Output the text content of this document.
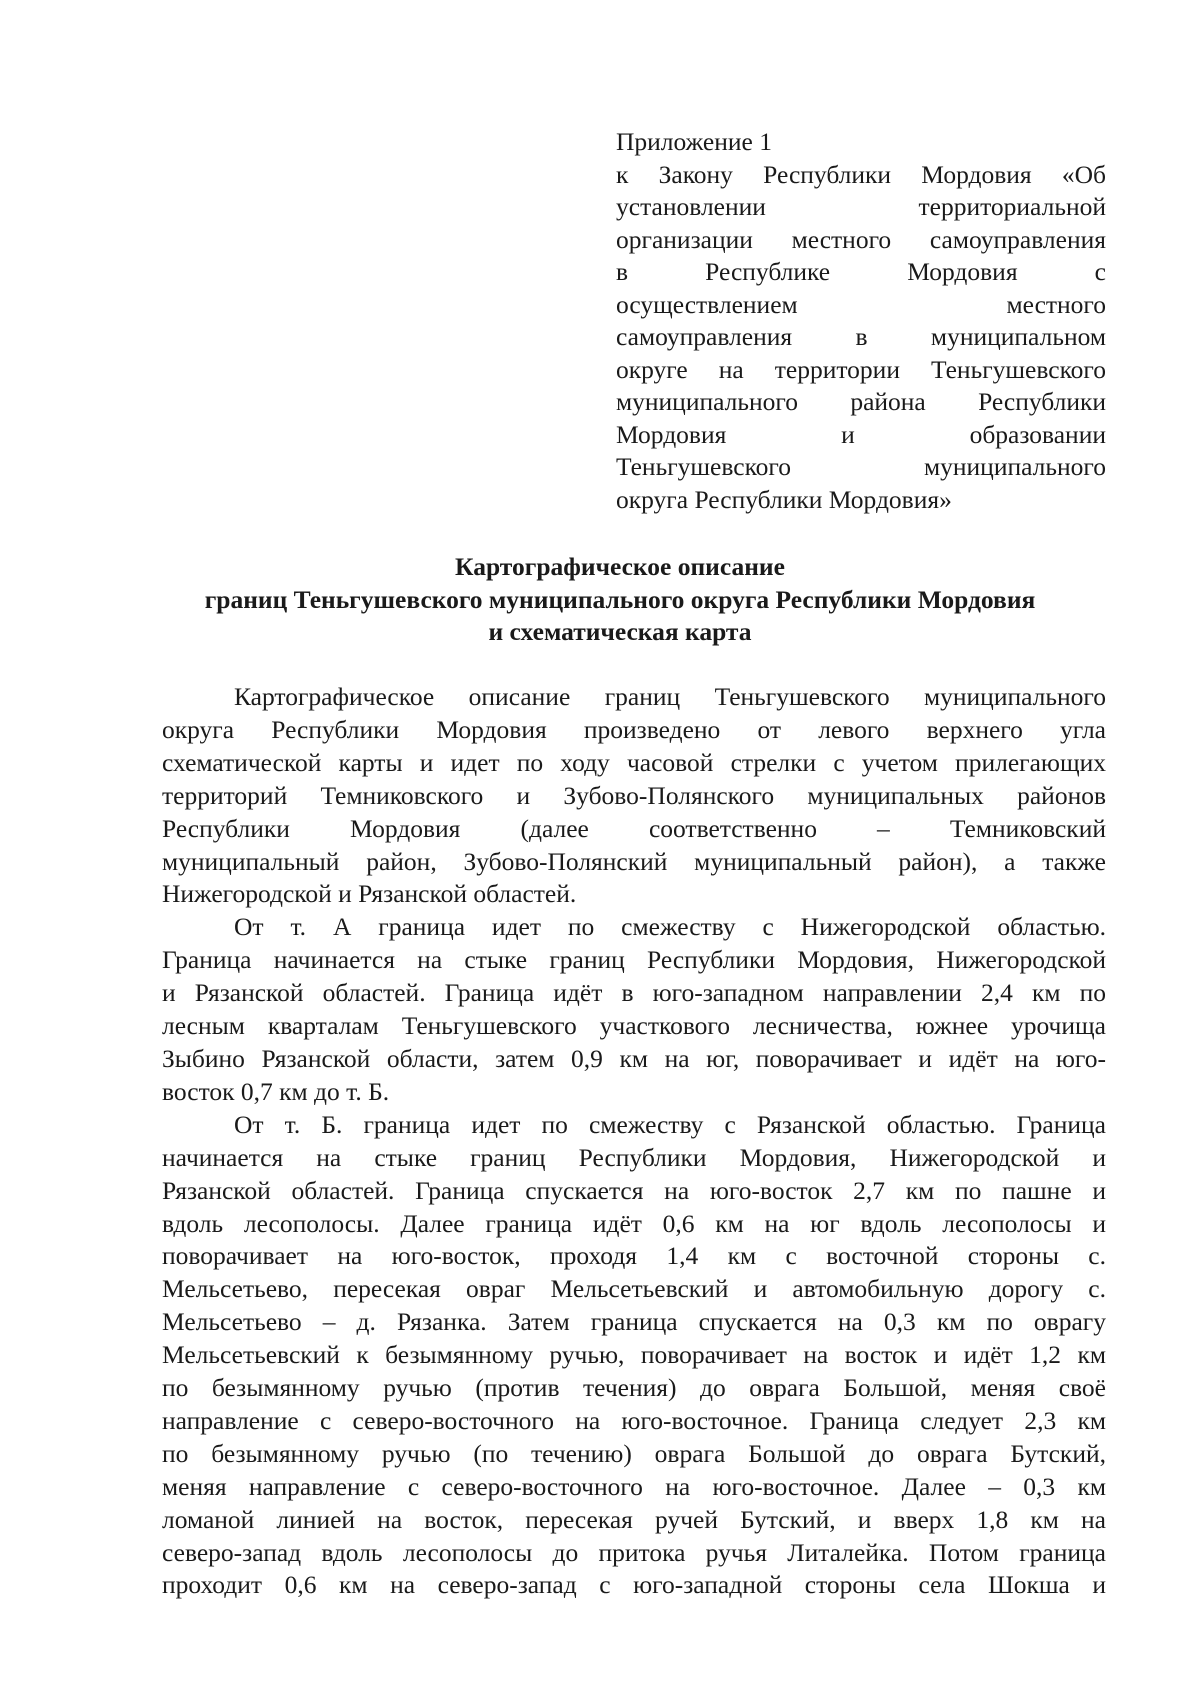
Приложение 1
к Закону Республики Мордовия «Об
установлении территориальной
организации местного самоуправления
в Республике Мордовия с
осуществлением местного
самоуправления в муниципальном
округе на территории Теньгушевского
муниципального района Республики
Мордовия и образовании
Теньгушевского муниципального
округа Республики Мордовия»
Картографическое описание
границ Теньгушевского муниципального округа Республики Мордовия
и схематическая карта
Картографическое описание границ Теньгушевского муниципального
округа Республики Мордовия произведено от левого верхнего угла
схематической карты и идет по ходу часовой стрелки с учетом прилегающих
территорий Темниковского и Зубово-Полянского муниципальных районов
Республики Мордовия (далее соответственно – Темниковский
муниципальный район, Зубово-Полянский муниципальный район), а также
Нижегородской и Рязанской областей.
От т. А граница идет по смежеству с Нижегородской областью.
Граница начинается на стыке границ Республики Мордовия, Нижегородской
и Рязанской областей. Граница идёт в юго-западном направлении 2,4 км по
лесным кварталам Теньгушевского участкового лесничества, южнее урочища
Зыбино Рязанской области, затем 0,9 км на юг, поворачивает и идёт на юго-
восток 0,7 км до т. Б.
От т. Б. граница идет по смежеству с Рязанской областью. Граница
начинается на стыке границ Республики Мордовия, Нижегородской и
Рязанской областей. Граница спускается на юго-восток 2,7 км по пашне и
вдоль лесополосы. Далее граница идёт 0,6 км на юг вдоль лесополосы и
поворачивает на юго-восток, проходя 1,4 км с восточной стороны с.
Мельсетьево, пересекая овраг Мельсетьевский и автомобильную дорогу с.
Мельсетьево – д. Рязанка. Затем граница спускается на 0,3 км по оврагу
Мельсетьевский к безымянному ручью, поворачивает на восток и идёт 1,2 км
по безымянному ручью (против течения) до оврага Большой, меняя своё
направление с северо-восточного на юго-восточное. Граница следует 2,3 км
по безымянному ручью (по течению) оврага Большой до оврага Бутский,
меняя направление с северо-восточного на юго-восточное. Далее – 0,3 км
ломаной линией на восток, пересекая ручей Бутский, и вверх 1,8 км на
северо-запад вдоль лесополосы до притока ручья Литалейка. Потом граница
проходит 0,6 км на северо-запад с юго-западной стороны села Шокша и
